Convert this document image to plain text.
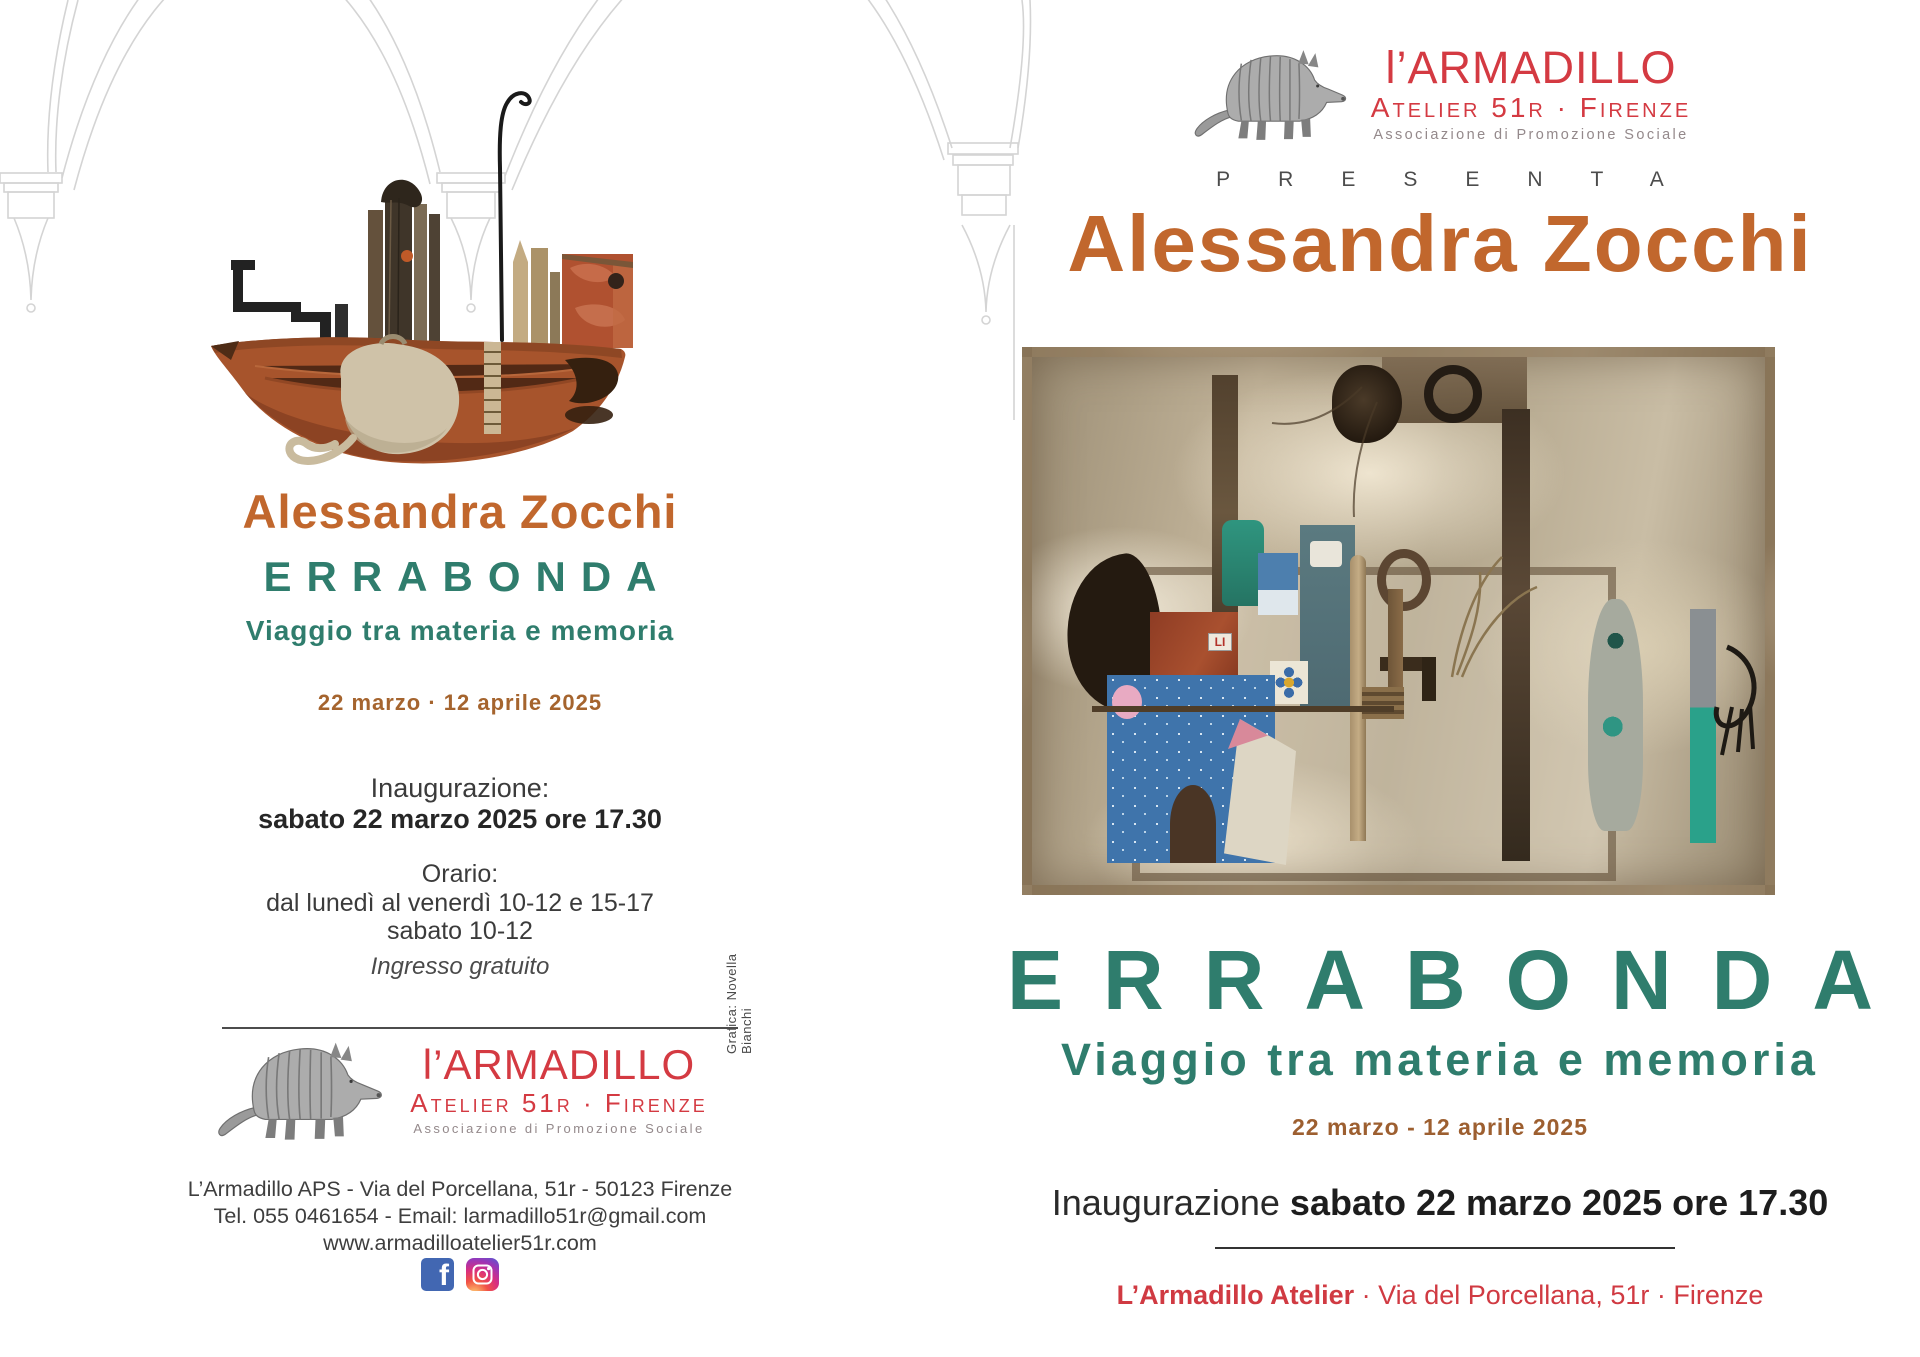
Grafica: Novella Bianchi
Alessandra Zocchi
ERRABONDA
Viaggio tra materia e memoria
22 marzo · 12 aprile 2025
Inaugurazione:
sabato 22 marzo 2025 ore 17.30
Orario:
dal lunedì al venerdì 10-12 e 15-17
sabato 10-12
Ingresso gratuito
l’ARMADILLO
Atelier 51r · Firenze
Associazione di Promozione Sociale
L’Armadillo APS - Via del Porcellana, 51r - 50123 Firenze
Tel. 055 0461654 - Email: larmadillo51r@gmail.com
www.armadilloatelier51r.com
f
l’ARMADILLO
Atelier 51r · Firenze
Associazione di Promozione Sociale
PRESENTA
Alessandra Zocchi
ERRABONDA
Viaggio tra materia e memoria
22 marzo - 12 aprile 2025
Inaugurazione sabato 22 marzo 2025 ore 17.30
L’Armadillo Atelier · Via del Porcellana, 51r · Firenze
LI
